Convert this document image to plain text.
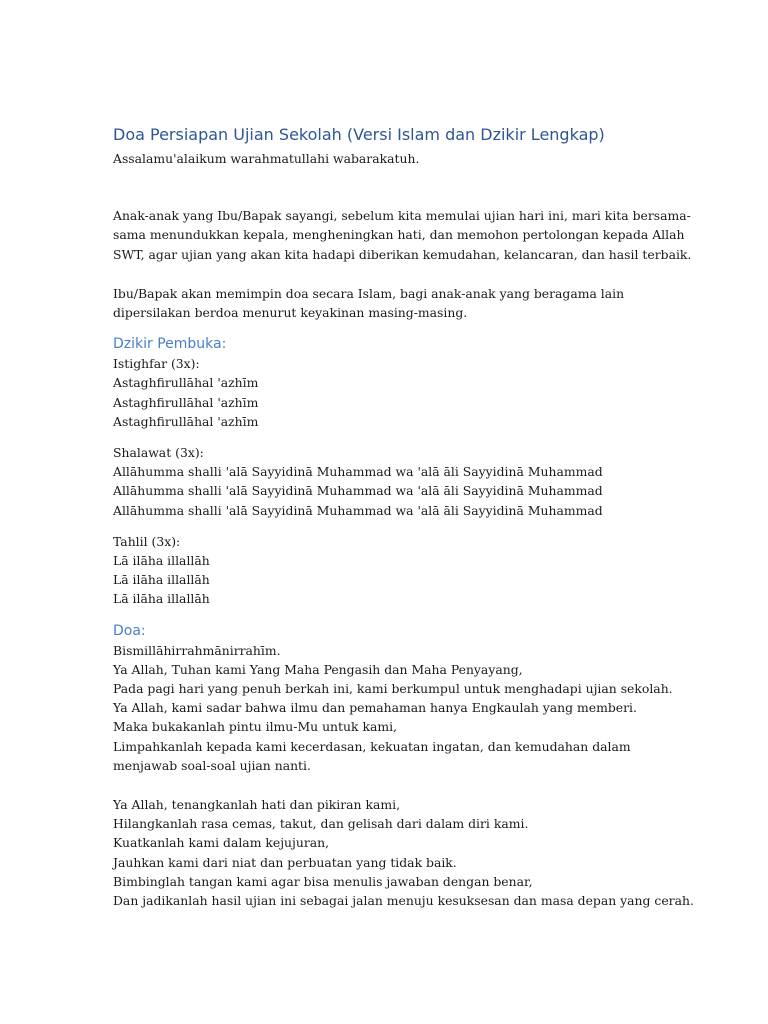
Doa Persiapan Ujian Sekolah (Versi Islam dan Dzikir Lengkap)

Assalamu'alaikum warahmatullahi wabarakatuh.

Anak-anak yang Ibu/Bapak sayangi, sebelum kita memulai ujian hari ini, mari kita bersama-

sama menundukkan kepala, mengheningkan hati, dan memohon pertolongan kepada Allah

SWT, agar ujian yang akan kita hadapi diberikan kemudahan, kelancaran, dan hasil terbaik.

Ibu/Bapak akan memimpin doa secara Islam, bagi anak-anak yang beragama lain

dipersilakan berdoa menurut keyakinan masing-masing.

Dzikir Pembuka:

Istighfar (3x):

Astaghfirullāhal 'azhīm

Astaghfirullāhal 'azhīm

Astaghfirullāhal 'azhīm

Shalawat (3x):

Allāhumma shalli 'alā Sayyidinā Muhammad wa 'alā āli Sayyidinā Muhammad

Allāhumma shalli 'alā Sayyidinā Muhammad wa 'alā āli Sayyidinā Muhammad

Allāhumma shalli 'alā Sayyidinā Muhammad wa 'alā āli Sayyidinā Muhammad

Tahlil (3x):

Lā ilāha illallāh

Lā ilāha illallāh

Lā ilāha illallāh

Doa:

Bismillāhirrahmānirrahīm.

Ya Allah, Tuhan kami Yang Maha Pengasih dan Maha Penyayang,

Pada pagi hari yang penuh berkah ini, kami berkumpul untuk menghadapi ujian sekolah.

Ya Allah, kami sadar bahwa ilmu dan pemahaman hanya Engkaulah yang memberi.

Maka bukakanlah pintu ilmu-Mu untuk kami,

Limpahkanlah kepada kami kecerdasan, kekuatan ingatan, dan kemudahan dalam

menjawab soal-soal ujian nanti.

Ya Allah, tenangkanlah hati dan pikiran kami,

Hilangkanlah rasa cemas, takut, dan gelisah dari dalam diri kami.

Kuatkanlah kami dalam kejujuran,

Jauhkan kami dari niat dan perbuatan yang tidak baik.

Bimbinglah tangan kami agar bisa menulis jawaban dengan benar,

Dan jadikanlah hasil ujian ini sebagai jalan menuju kesuksesan dan masa depan yang cerah.
